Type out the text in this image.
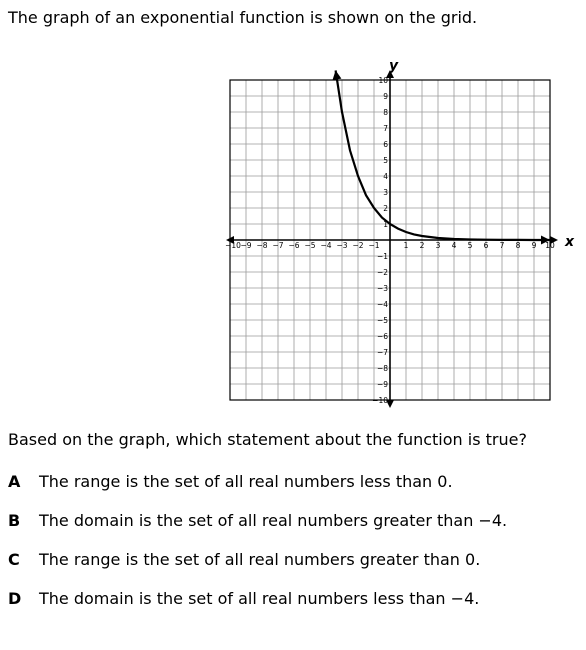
The graph of an exponential function is shown on the grid.

−10 −9 −8 −7 −6 −5 −4 −3 −2 −1	1 2 3 4 5 6 7 8 9 10
10
9
8
7
6
5
4
3
2
1
−1
−2
−3
−4
−5
−6
−7
−8
−9
−10
x
y

Based on the graph, which statement about the function is true?

A	The range is the set of all real numbers less than 0.
B	The domain is the set of all real numbers greater than −4.
C	The range is the set of all real numbers greater than 0.
D	The domain is the set of all real numbers less than −4.
